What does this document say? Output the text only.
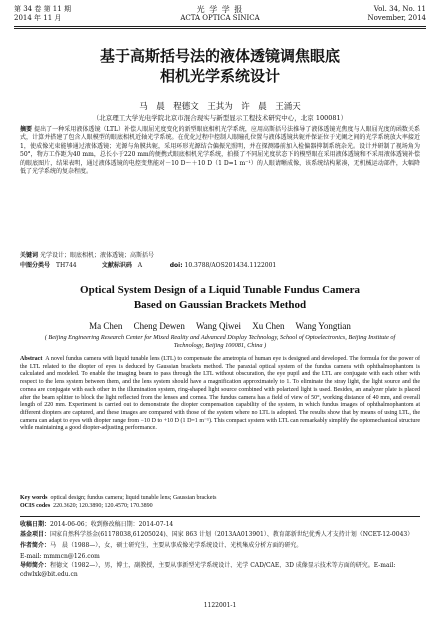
第 34 卷 第 11 期
2014 年 11 月
光 学 学 报
ACTA OPTICA SINICA
Vol. 34, No. 11
November, 2014
基于高斯括号法的液体透镜调焦眼底
相机光学系统设计
马　晨　程德文　王其为　许　晨　王涌天
（北京理工大学光电学院北京市混合现实与新型显示工程技术研究中心，北京 100081）
摘要 提出了一种采用液体透镜（LTL）补偿人眼屈光度变化的新型眼底相机光学系统，应用高斯括号法推导了液体透镜光焦度与人眼屈光度的函数关系式，计算并搭建了包含人眼模型的眼底相机近轴光学系统。在优化过程中控制人眼瞳孔位置与液体透镜共轭并保证位于光阑之间的光学系统放大率接近1，使成像光束能够通过液体透镜；光源与角膜共轭，采用环形光源结合偏振光照明，并在探测器前加入检偏器抑制系统杂光。设计并研制了视场角为50°，物方工作距为40 mm，总长小于220 mm的便携式眼底相机光学系统，拍摄了不同屈光度状态下的模型眼在采用液体透镜和不采用液体透镜补偿的眼底图片，结果表明，通过液体透镜的电控变焦能对－10 D～＋10 D（1 D=1 m⁻¹）的人眼请晰成像，该系统结构紧凑，无机械运动部件，大幅降低了光学系统的复杂程度。
关键词 光学设计；眼底相机；液体透镜；高斯括号
中图分类号 TH744	文献标识码 A	doi: 10.3788/AOS201434.1122001
Optical System Design of a Liquid Tunable Fundus Camera
Based on Gaussian Brackets Method
Ma Chen　 Cheng Dewen　 Wang Qiwei　 Xu Chen　 Wang Yongtian
( Beijing Engineering Research Center for Mixed Reality and Advanced Display Technology, School of Optoelectronics, Beijing Institute of Technology, Beijing 100081, China )
Abstract A novel fundus camera with liquid tunable lens (LTL) to compensate the ametropia of human eye is designed and developed. The formula for the power of the LTL related to the diopter of eyes is deduced by Gaussian brackets method. The paraxial optical system of the fundus camera with ophthalmophantom is calculated and modeled. To enable the imaging beam to pass through the LTL without obscuration, the eye pupil and the LTL are conjugate with each other with respect to the lens system between them, and the lens system should have a magnification approximately to 1. To eliminate the stray light, the light source and the cornea are conjugate with each other in the illumination system, ring-shaped light source combined with polarized light is used. Besides, an analyzer plate is placed after the beam splitter to block the light reflected from the lenses and cornea. The fundus camera has a field of view of 50°, working distance of 40 mm, and overall length of 220 mm. Experiment is carried out to demonstrate the diopter compensation capability of the system, in which fundus images of ophthalmophantom at different diopters are captured, and these images are compared with those of the system where no LTL is adopted. The results show that by means of using LTL, the camera can adapt to eyes with diopter range from −10 D to +10 D (1 D=1 m⁻¹). This compact system with LTL can remarkably simplify the optomechanical structure while maintaining a good diopter-adjusting performance.
Key words optical design; fundus camera; liquid tunable lens; Gaussian brackets
OCIS codes 220.3620; 120.3890; 120.4570; 170.3890
收稿日期：2014-06-06；收到修改稿日期：2014-07-14
基金项目：国家自然科学基金(61178038,61205024)、国家 863 计划（2013AA013901）、教育部新世纪优秀人才支持计划（NCET-12-0043）
作者简介：马　晨（1988—），女，硕士研究生，主要从事成像光学系统设计、光机集成分析方面的研究。
E-mail: mmmcn@126.com
导师简介：程德文（1982—），男，博士，副教授，主要从事新型光学系统设计、光学 CAD/CAE、3D 成像显示技术等方面的研究。E-mail: cdwlxk@bit.edu.cn
1122001-1
